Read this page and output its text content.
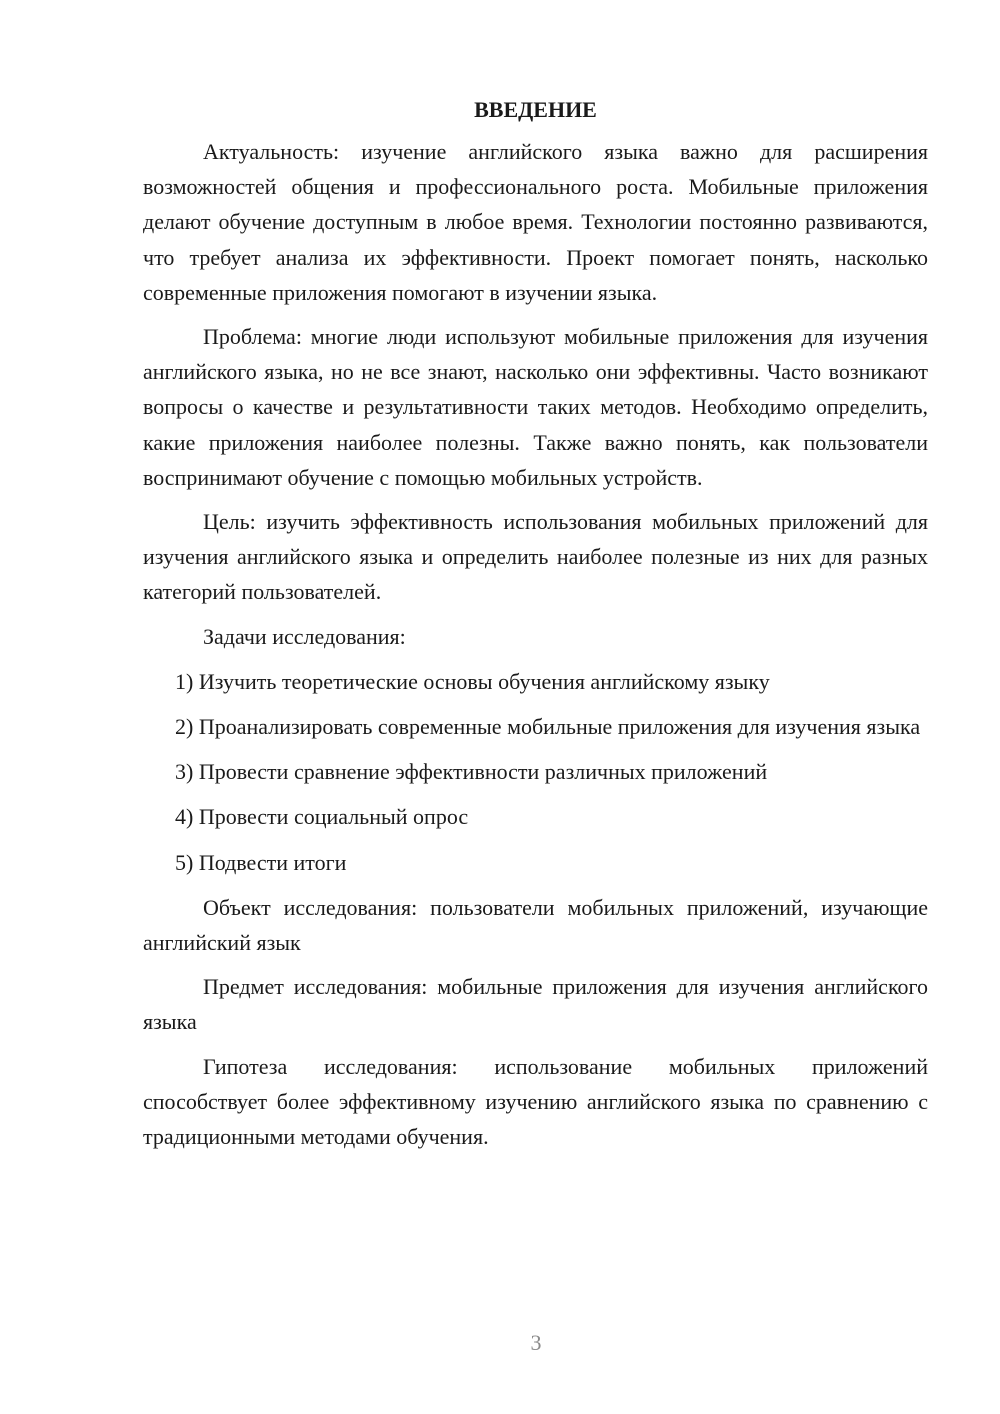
ВВЕДЕНИЕ

Актуальность: изучение английского языка важно для расширения возможностей общения и профессионального роста. Мобильные приложения делают обучение доступным в любое время. Технологии постоянно развиваются, что требует анализа их эффективности. Проект помогает понять, насколько современные приложения помогают в изучении языка.

Проблема: многие люди используют мобильные приложения для изучения английского языка, но не все знают, насколько они эффективны. Часто возникают вопросы о качестве и результативности таких методов. Необходимо определить, какие приложения наиболее полезны. Также важно понять, как пользователи воспринимают обучение с помощью мобильных устройств.

Цель: изучить эффективность использования мобильных приложений для изучения английского языка и определить наиболее полезные из них для разных категорий пользователей.

Задачи исследования:

1) Изучить теоретические основы обучения английскому языку

2) Проанализировать современные мобильные приложения для изучения языка

3) Провести сравнение эффективности различных приложений

4) Провести социальный опрос

5) Подвести итоги

Объект исследования: пользователи мобильных приложений, изучающие английский язык

Предмет исследования: мобильные приложения для изучения английского языка

Гипотеза исследования: использование мобильных приложений способствует более эффективному изучению английского языка по сравнению с традиционными методами обучения.

3
